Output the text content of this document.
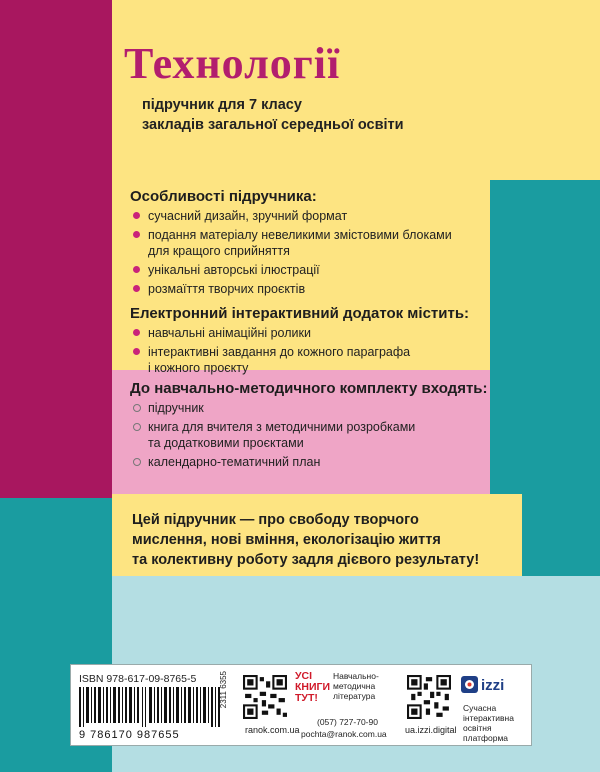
Технології

підручник для 7 класу
закладів загальної середньої освіти

Особливості підручника:
сучасний дизайн, зручний формат
подання матеріалу невеликими змістовими блоками
для кращого сприйняття
унікальні авторські ілюстрації
розмаїття творчих проєктів
Електронний інтерактивний додаток містить:
навчальні анімаційні ролики
інтерактивні завдання до кожного параграфа
і кожного проєкту
До навчально-методичного комплекту входять:
підручник
книга для вчителя з методичними розробками
та додатковими проєктами
календарно-тематичний план

Цей підручник — про свободу творчого
мислення, нові вміння, екологізацію життя
та колективну роботу задля дієвого результату!

ISBN 978-617-09-8765-5
9 786170 987655
2311 6355
ranok.com.ua
УСІ
КНИГИ
ТУТ!
Навчально-
методична
література
(057) 727-70-90
pochta@ranok.com.ua ua.izzi.digital
izzi
Сучасна
інтерактивна
освітня
платформа
